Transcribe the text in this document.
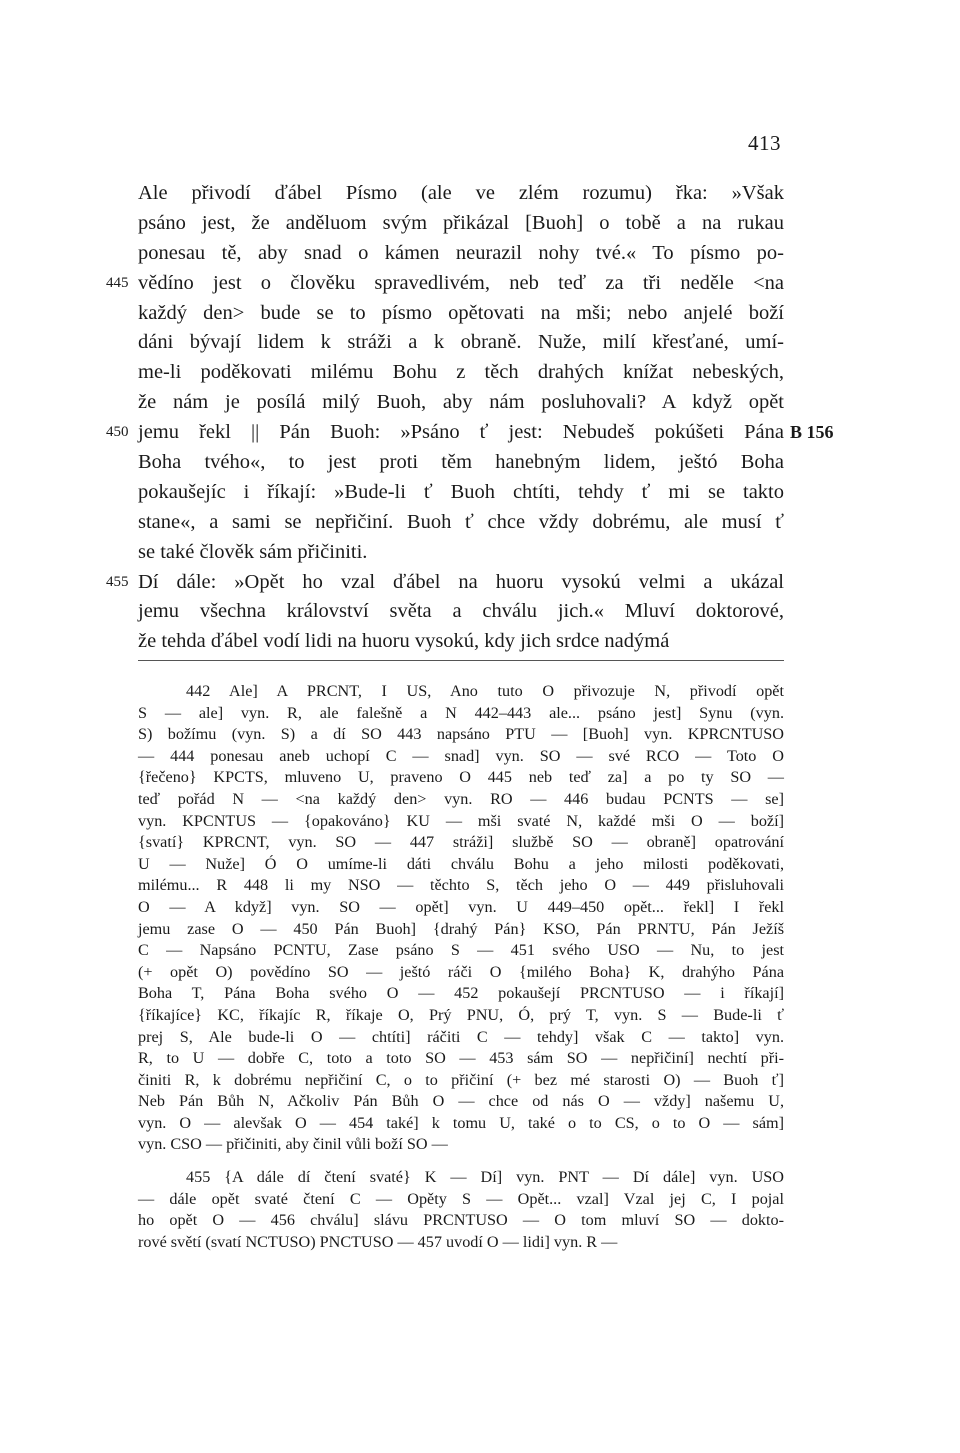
413
Ale přivodí ďábel Písmo (ale ve zlém rozumu) řka: »Však
psáno jest, že anděluom svým přikázal [Buoh] o tobě a na rukau
ponesau tě, aby snad o kámen neurazil nohy tvé.« To písmo po-
445 vědíno jest o člověku spravedlivém, neb teď za tři neděle <na
každý den> bude se to písmo opětovati na mši; nebo anjelé boží
dáni bývají lidem k stráži a k obraně. Nuže, milí křesťané, umí-
me-li poděkovati milému Bohu z těch drahých knížat nebeských,
že nám je posílá milý Buoh, aby nám posluhovali? A když opět
450 jemu řekl || Pán Buoh: »Psáno ť jest: Nebudeš pokúšeti Pána B 156
Boha tvého«, to jest proti těm hanebným lidem, ještó Boha
pokaušejíc i říkají: »Bude-li ť Buoh chtíti, tehdy ť mi se takto
stane«, a sami se nepřičiní. Buoh ť chce vždy dobrému, ale musí ť
se také člověk sám přičiniti.
455 Dí dále: »Opět ho vzal ďábel na huoru vysokú velmi a ukázal
jemu všechna království světa a chválu jich.« Mluví doktorové,
že tehda ďábel vodí lidi na huoru vysokú, kdy jich srdce nadýmá
442 Ale] A PRCNT, I US, Ano tuto O přivozuje N, přivodí opět
S — ale] vyn. R, ale falešně a N 442–443 ale... psáno jest] Synu (vyn.
S) božímu (vyn. S) a dí SO 443 napsáno PTU — [Buoh] vyn. KPRCNTUSO
— 444 ponesau aneb uchopí C — snad] vyn. SO — své RCO — Toto O
{řečeno} KPCTS, mluveno U, praveno O 445 neb teď za] a po ty SO —
teď pořád N — <na každý den> vyn. RO — 446 budau PCNTS — se]
vyn. KPCNTUS — {opakováno} KU — mši svaté N, každé mši O — boží]
{svatí} KPRCNT, vyn. SO — 447 stráži] službě SO — obraně] opatrování
U — Nuže] Ó O umíme-li dáti chválu Bohu a jeho milosti poděkovati,
milému... R 448 li my NSO — těchto S, těch jeho O — 449 přisluhovali
O — A když] vyn. SO — opět] vyn. U 449–450 opět... řekl] I řekl
jemu zase O — 450 Pán Buoh] {drahý Pán} KSO, Pán PRNTU, Pán Ježíš
C — Napsáno PCNTU, Zase psáno S — 451 svého USO — Nu, to jest
(+ opět O) povědíno SO — ještó ráči O {milého Boha} K, drahýho Pána
Boha T, Pána Boha svého O — 452 pokaušejí PRCNTUSO — i říkají]
{říkajíce} KC, říkajíc R, říkaje O, Prý PNU, Ó, prý T, vyn. S — Bude-li ť
prej S, Ale bude-li O — chtíti] ráčiti C — tehdy] však C — takto] vyn.
R, to U — dobře C, toto a toto SO — 453 sám SO — nepřičiní] nechtí při-
činiti R, k dobrému nepřičiní C, o to přičiní (+ bez mé starosti O) — Buoh ť]
Neb Pán Bůh N, Ačkoliv Pán Bůh O — chce od nás O — vždy] našemu U,
vyn. O — alevšak O — 454 také] k tomu U, také o to CS, o to O — sám]
vyn. CSO — přičiniti, aby činil vůli boží SO —
455 {A dále dí čtení svaté} K — Dí] vyn. PNT — Dí dále] vyn. USO
— dále opět svaté čtení C — Opěty S — Opět... vzal] Vzal jej C, I pojal
ho opět O — 456 chválu] slávu PRCNTUSO — O tom mluví SO — dokto-
rové světí (svatí NCTUSO) PNCTUSO — 457 uvodí O — lidi] vyn. R —
